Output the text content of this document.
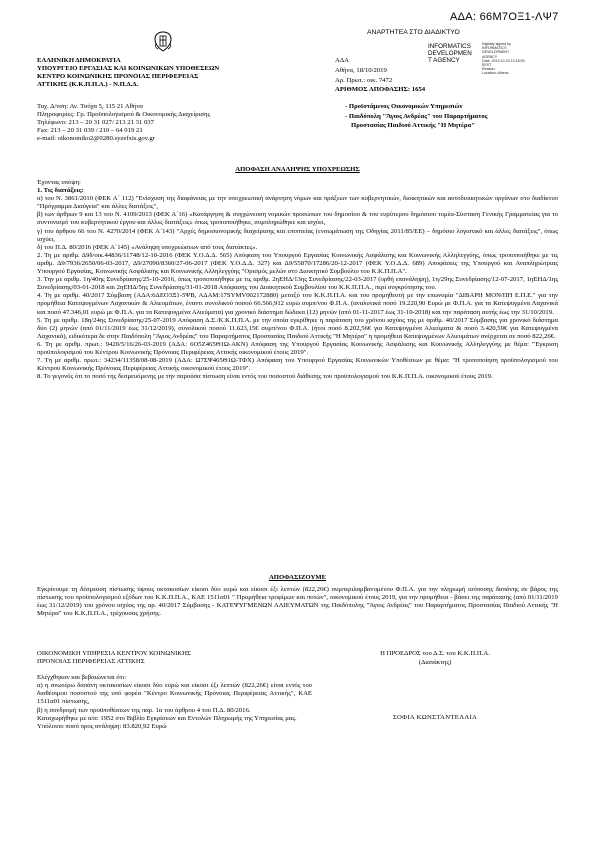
ΑΔΑ: 66Μ7ΟΞ1-ΛΨ7
ΑΝΑΡΤΗΤΕΑ ΣΤΟ ΔΙΑΔΙΚΤΥΟ
INFORMATICS
DEVELOPMEN
T AGENCY
Digitally signed by
INFORMATICS
DEVELOPMENT
AGENCY
Date: 2019.10.23 12:18:53
EEST
Reason:
Location: Athens
ΕΛΛΗΝΙΚΗ ΔΗΜΟΚΡΑΤΙΑ
ΥΠΟΥΡΓΕΙΟ ΕΡΓΑΣΙΑΣ ΚΑΙ ΚΟΙΝΩΝΙΚΩΝ ΥΠΟΘΕΣΕΩΝ
ΚΕΝΤΡΟ ΚΟΙΝΩΝΙΚΗΣ ΠΡΟΝΟΙΑΣ ΠΕΡΙΦΕΡΕΙΑΣ
ΑΤΤΙΚΗΣ (Κ.Κ.Π.Π.Α.) - Ν.Π.Δ.Δ.
ΑΔΑ
Αθήνα, 18/10/2019
Αρ. Πρωτ.: οικ. 7472
ΑΡΙΘΜΟΣ ΑΠΟΦΑΣΗΣ: 1654
Ταχ. Δ/νση: Αν. Τσόχα 5, 115 21 Αθήνα
Πληροφορίες: Γρ. Προϋπολογισμού & Οικονομικής Διαχείρισης
Τηλέφωνο: 213 – 20 31 027/ 213 21 31 037
Fax: 213 – 20 31 039 / 210 – 64 019 21
e-mail: oikonomiko2@0280.syzefxis.gov.gr
- Προϊστάμενος Οικονομικών Υπηρεσιών
- Παιδόπολη "Άγιος Ανδρέας" του Παραρτήματος
Προστασίας Παιδιού Αττικής "Η Μητέρα"
ΑΠΟΦΑΣΗ ΑΝΑΛΗΨΗΣ ΥΠΟΧΡΕΩΣΗΣ

Έχοντας υπόψη:

1. Τις διατάξεις:

α) του Ν. 3861/2010 (ΦΕΚ Α΄ 112) "Ενίσχυση της διαφάνειας με την υποχρεωτική ανάρτηση νόμων και πράξεων των κυβερνητικών, διοικητικών και αυτοδιοικητικών οργάνων στο διαδίκτυο "Πρόγραμμα Διαύγεια" και άλλες διατάξεις",

β) των άρθρων 9 και 13 του Ν. 4109/2013 (ΦΕΚ Α΄16) «Κατάργηση & συγχώνευση νομικών προσώπων του δημοσίου & του ευρύτερου δημόσιου τομέα-Σύσταση Γενικής Γραμματείας για το συντονισμό του κυβερνητικού έργου και άλλες διατάξεις» όπως τροποποιήθηκε, συμπληρώθηκε και ισχύει,

γ) του άρθρου 66 του Ν. 4270/2014 (ΦΕΚ Α΄143) "Αρχές δημοσιονομικής διαχείρισης και εποπτείας (ενσωμάτωση της Οδηγίας 2011/85/ΕΕ) – δημόσιο λογιστικό και άλλες διατάξεις", όπως ισχύει,

δ) του Π.Δ. 80/2016 (ΦΕΚ Α΄145) «Ανάληψη υποχρεώσεων από τους διατάκτες».

2. Τη με αριθμ. Δ9δ/οικ.44836/11748/12-10-2016 (ΦΕΚ Υ.Ο.Δ.Δ. 565) Απόφαση του Υπουργού Εργασίας Κοινωνικής Ασφάλισης και Κοινωνικής Αλληλεγγύης, όπως τροποποιήθηκε με τις αριθμ. Δ9/7936/2650/06-03-2017, Δ9/27090/8360/27-06-2017 (ΦΕΚ Υ.Ο.Δ.Δ. 327) και Δ9/55870/17286/20-12-2017 (ΦΕΚ Υ.Ο.Δ.Δ. 689) Αποφάσεις της Υπουργού και Αναπληρώτριας Υπουργού Εργασίας, Κοινωνικής Ασφάλισης και Κοινωνικής Αλληλεγγύης "Ορισμός μελών στο Διοικητικό Συμβούλιο του Κ.Κ.Π.Π.Α".

3. Την με αριθμ. 1η/40ης Συνεδρίασης/25-10-2016, όπως τροποποιήθηκε με τις αριθμ. 2ηΕΗΔ/13ης Συνεδρίασης/22-03-2017 (ορθή επανάληψη), 1η/29ης Συνεδρίασης/12-07-2017, 1ηΕΗΔ/1ης Συνεδρίασης/03-01-2018 και 2ηΕΗΔ/5ης Συνεδρίασης/31-01-2018 Απόφασης του Διοικητικού Συμβουλίου του Κ.Κ.Π.Π.Α., περί συγκρότησης του.

4. Τη με αριθμ. 40/2017 Σύμβαση (ΑΔΑ:6ΔΕΟ3Ξ1-5ΨΒ, ΑΔΑΜ:17SYMV002172880) μεταξύ του Κ.Κ.Π.Π.Α. και του προμηθευτή με την επωνυμία "ΔΙΒΑΡΗ ΜΟΝ/ΠΗ Ε.Π.Ε." για την προμήθεια Κατεψυγμένων Λαχανικών & Αλιευμάτων, έναντι συνολικού ποσού 66.566,912 ευρώ συμπ/νου Φ.Π.Α. (αναλυτικά ποσό 19.220,90 Ευρώ με Φ.Π.Α. για τα Κατεψυγμένα Λαχανικά και ποσό 47.346,01 ευρώ με Φ.Π.Α. για τα Κατεψυγμένα Αλιεύματα) για χρονικό διάστημα δώδεκα (12) μηνών (από 01-11-2017 έως 31-10-2018) και την παράταση αυτής έως την 31/10/2019.

5. Τη με αριθμ. 18η/24ης Συνεδρίασης/25-07-2019 Απόφαση Δ.Σ./Κ.Κ.Π.Π.Α. με την οποία εγκρίθηκε η παράταση του χρόνου ισχύος της με αριθμ. 40/2017 Σύμβασης για χρονικό διάστημα δύο (2) μηνών (από 01/11/2019 έως 31/12/2019), συνολικού ποσού 11.623,15€ συμπ/νου Φ.Π.Α. (ήτοι ποσό 8.202,56€ για Κατεψυγμένα Αλιεύματα & ποσό 3.420,59€ για Κατεψυγμένα Λαχανικά), ειδικότερα δε στην Παιδόπολη "Άγιος Ανδρέας" του Παραρτήματος Προστασίας Παιδιού Αττικής "Η Μητέρα" η προμήθεια Κατεψυγμένων Αλιευμάτων ανέρχεται σε ποσό 822,26€.

6. Τη με αριθμ. πρωτ.: 9420/5/16/26-03-2019 (ΑΔΑ: 6Ο5Ζ465Θ1Ω-ΑΚΝ) Απόφαση της Υπουργού Εργασίας Κοινωνικής Ασφάλισης και Κοινωνικής Αλληλεγγύης με θέμα: "Έγκριση προϋπολογισμού του Κέντρου Κοινωνικής Πρόνοιας Περιφέρειας Αττικής οικονομικού έτους 2019".

7. Τη με αριθμ. πρωτ.: 34234/11358/08-08-2019 (ΑΔΑ: Ω7ΣΨ465Θ1Ω-ΤΦΧ) Απόφαση του Υπουργού Εργασίας Κοινωνικών Υποθέσεων με θέμα: "Η τροποποίηση προϋπολογισμού του Κέντρου Κοινωνικής Πρόνοιας Περιφέρειας Αττικής οικονομικού έτους 2019".

8. Το γεγονός ότι το ποσό της δεσμευόμενης με την παρούσα πίστωση είναι εντός του ποσοστού διάθεσης του προϋπολογισμού του Κ.Κ.Π.Π.Α. οικονομικού έτους 2019.

ΑΠΟΦΑΣΙΖΟΥΜΕ
Εγκρίνουμε τη δέσμευση πίστωσης ύψους οκτακοσίων είκοσι δύο ευρώ και είκοσι έξι λεπτών (822,26€) συμπεριλαμβανομένου Φ.Π.Α. για την πληρωμή ισόποσης δαπάνης σε βάρος της πίστωσης του προϋπολογισμού εξόδων του Κ.Κ.Π.Π.Α., ΚΑΕ 1511α01 " Προμήθεια τροφίμων και ποτών", οικονομικού έτους 2019, για την προμήθεια - βάσει της παράτασης (από 01/11/2019 έως 31/12/2019) του χρόνου ισχύος της αρ. 40/2017 Σύμβασης - ΚΑΤΕΨΥΓΜΕΝΩΝ ΑΛΙΕΥΜΑΤΩΝ της Παιδόπολης "Άγιος Ανδρέας" του Παραρτήματος Προστασίας Παιδιού Αττικής "Η Μητέρα" του Κ.Κ.Π.Π.Α., τρέχουσας χρήσης.
ΟΙΚΟΝΟΜΙΚΗ ΥΠΗΡΕΣΙΑ ΚΕΝΤΡΟΥ ΚΟΙΝΩΝΙΚΗΣ
ΠΡΟΝΟΙΑΣ ΠΕΡΙΦΕΡΕΙΑΣ ΑΤΤΙΚΗΣ
Ελέγχθηκαν και βεβαιώνεται ότι:
α) η ανωτέρω δαπάνη οκτακοσίων είκοσι δύο ευρώ και είκοσι έξι λεπτών (822,26€) είναι εντός του διαθέσιμου ποσοστού της υπό φορέα "Κέντρο Κοινωνικής Πρόνοιας Περιφέρειας Αττικής", ΚΑΕ 1511α01 πίστωσης,
β) η συνδρομή των προϋποθέσεων της παρ. 1α του άρθρου 4 του Π.Δ. 80/2016.
Καταχωρήθηκε με α/α: 1952 στο Βιβλίο Εγκρίσεων και Εντολών Πληρωμής της Υπηρεσίας μας.
Υπόλοιπο ποσό προς ανάληψη: 83.820,92 Ευρώ
Η ΠΡΟΕΔΡΟΣ του Δ.Σ. του Κ.Κ.Π.Π.Α.
(Διατάκτης)
ΣΟΦΙΑ ΚΩΝΣΤΑΝΤΕΛΛΙΑ
